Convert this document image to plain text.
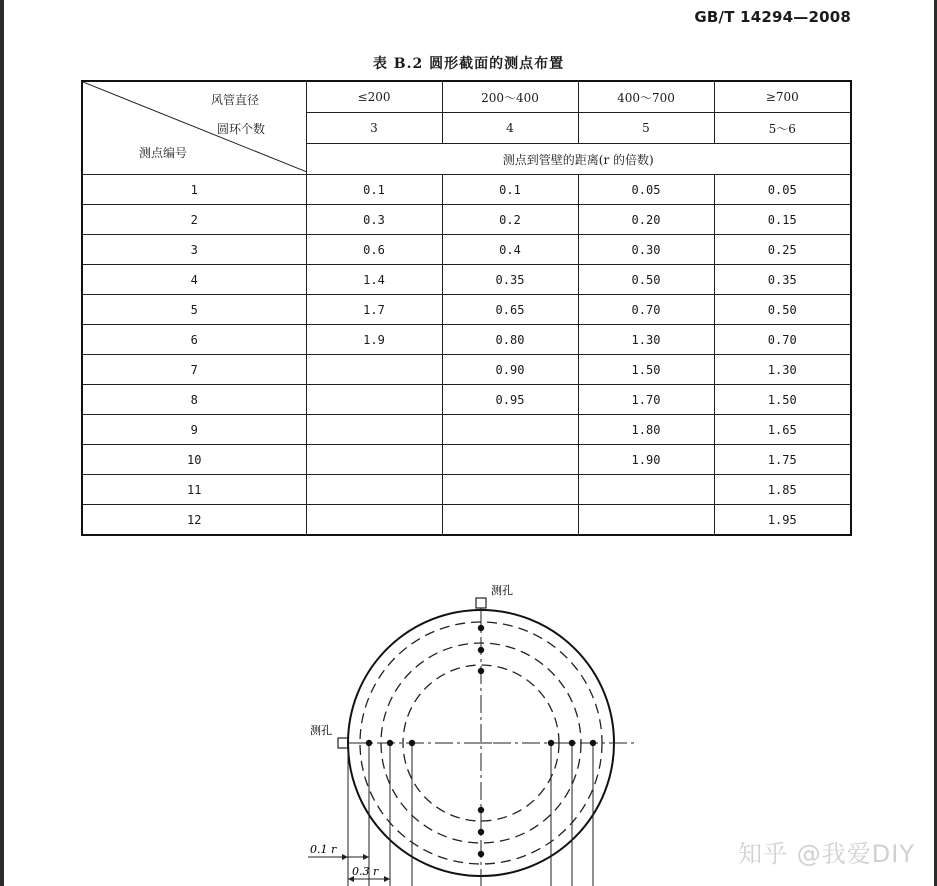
GB/T 14294—2008
表 B.2 圆形截面的测点布置
风管直径
圆环个数
测点编号	≤200	200～400	400～700	≥700
	3	4	5	5～6
	测点到管壁的距离(r 的倍数)			
1	0.1	0.1	0.05	0.05
2	0.3	0.2	0.20	0.15
3	0.6	0.4	0.30	0.25
4	1.4	0.35	0.50	0.35
5	1.7	0.65	0.70	0.50
6	1.9	0.80	1.30	0.70
7		0.90	1.50	1.30
8		0.95	1.70	1.50
9			1.80	1.65
10			1.90	1.75
11				1.85
12				1.95
测孔
测孔
0.1 r
0.3 r
知乎 @我爱DIY
